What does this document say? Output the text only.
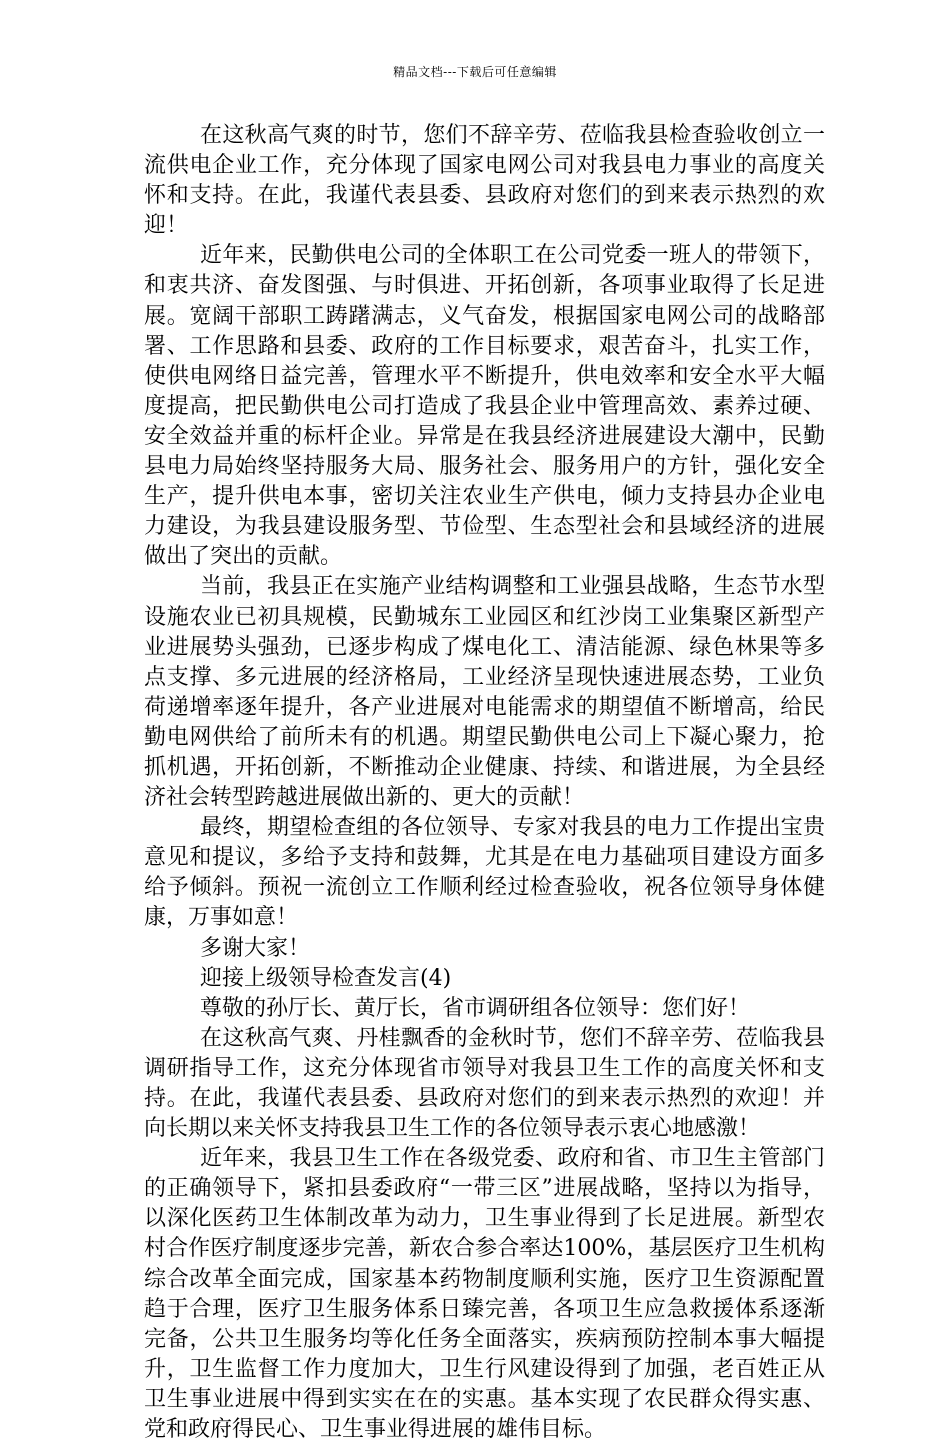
精品文档---下载后可任意编辑

在这秋高气爽的时节，您们不辞辛劳、莅临我县检查验收创立一流供电企业工作，充分体现了国家电网公司对我县电力事业的高度关怀和支持。在此，我谨代表县委、县政府对您们的到来表示热烈的欢迎！

近年来，民勤供电公司的全体职工在公司党委一班人的带领下，和衷共济、奋发图强、与时俱进、开拓创新，各项事业取得了长足进展。宽阔干部职工踌躇满志，义气奋发，根据国家电网公司的战略部署、工作思路和县委、政府的工作目标要求，艰苦奋斗，扎实工作，使供电网络日益完善，管理水平不断提升，供电效率和安全水平大幅度提高，把民勤供电公司打造成了我县企业中管理高效、素养过硬、安全效益并重的标杆企业。异常是在我县经济进展建设大潮中，民勤县电力局始终坚持服务大局、服务社会、服务用户的方针，强化安全生产，提升供电本事，密切关注农业生产供电，倾力支持县办企业电力建设，为我县建设服务型、节俭型、生态型社会和县域经济的进展做出了突出的贡献。

当前，我县正在实施产业结构调整和工业强县战略，生态节水型设施农业已初具规模，民勤城东工业园区和红沙岗工业集聚区新型产业进展势头强劲，已逐步构成了煤电化工、清洁能源、绿色林果等多点支撑、多元进展的经济格局，工业经济呈现快速进展态势，工业负荷递增率逐年提升，各产业进展对电能需求的期望值不断增高，给民勤电网供给了前所未有的机遇。期望民勤供电公司上下凝心聚力，抢抓机遇，开拓创新，不断推动企业健康、持续、和谐进展，为全县经济社会转型跨越进展做出新的、更大的贡献！

最终，期望检查组的各位领导、专家对我县的电力工作提出宝贵意见和提议，多给予支持和鼓舞，尤其是在电力基础项目建设方面多给予倾斜。预祝一流创立工作顺利经过检查验收，祝各位领导身体健康，万事如意！

多谢大家！

迎接上级领导检查发言(4)

尊敬的孙厅长、黄厅长，省市调研组各位领导：您们好！

在这秋高气爽、丹桂飘香的金秋时节，您们不辞辛劳、莅临我县调研指导工作，这充分体现省市领导对我县卫生工作的高度关怀和支持。在此，我谨代表县委、县政府对您们的到来表示热烈的欢迎！并向长期以来关怀支持我县卫生工作的各位领导表示衷心地感激！

近年来，我县卫生工作在各级党委、政府和省、市卫生主管部门的正确领导下，紧扣县委政府“一带三区”进展战略，坚持以为指导，以深化医药卫生体制改革为动力，卫生事业得到了长足进展。新型农村合作医疗制度逐步完善，新农合参合率达100%，基层医疗卫生机构综合改革全面完成，国家基本药物制度顺利实施，医疗卫生资源配置趋于合理，医疗卫生服务体系日臻完善，各项卫生应急救援体系逐渐完备，公共卫生服务均等化任务全面落实，疾病预防控制本事大幅提升，卫生监督工作力度加大，卫生行风建设得到了加强，老百姓正从卫生事业进展中得到实实在在的实惠。基本实现了农民群众得实惠、党和政府得民心、卫生事业得进展的雄伟目标。
